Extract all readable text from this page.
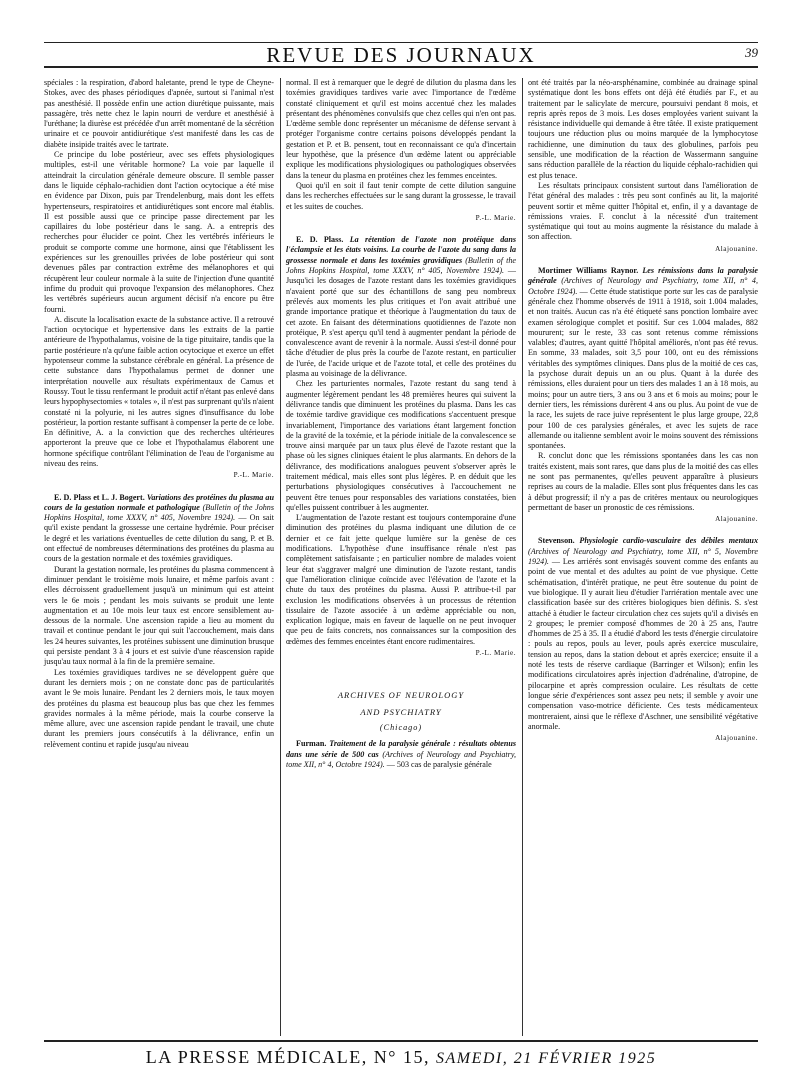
REVUE DES JOURNAUX	39

spéciales : la respiration, d'abord haletante, prend le type de Cheyne-Stokes, avec des phases périodiques d'apnée, surtout si l'animal n'est pas anesthésié. Il possède enfin une action diurétique puissante, mais passagère, très nette chez le lapin nourri de verdure et anesthésié à l'uréthane; la diurèse est précédée d'un arrêt momentané de la sécrétion urinaire et ce pouvoir antidiurétique s'est manifesté dans les cas de diabète insipide traités avec le tartrate.

Ce principe du lobe postérieur, avec ses effets physiologiques multiples, est-il une véritable hormone? La voie par laquelle il atteindrait la circulation générale demeure obscure. Il semble passer dans le liquide céphalo-rachidien dont l'action ocytocique a été mise en évidence par Dixon, puis par Trendelenburg, mais dont les effets hypertenseurs, respiratoires et antidiurétiques sont encore mal établis. Il est possible aussi que ce principe passe directement par les capillaires du lobe postérieur dans le sang. A. a entrepris des recherches pour élucider ce point. Chez les vertébrés inférieurs le produit se comporte comme une hormone, ainsi que l'établissent les expériences sur les grenouilles privées de lobe postérieur qui sont devenues pâles par contraction extrême des mélanophores et qui récupèrent leur couleur normale à la suite de l'injection d'une quantité infime du produit qui provoque l'expansion des mélanophores. Chez les vertébrés supérieurs aucun argument décisif n'a encore pu être fourni.

A. discute la localisation exacte de la substance active. Il a retrouvé l'action ocytocique et hypertensive dans les extraits de la partie antérieure de l'hypothalamus, voisine de la tige pituitaire, tandis que la partie postérieure n'a qu'une faible action ocytocique et exerce un effet hypotenseur comme la substance cérébrale en général. La présence de cette substance dans l'hypothalamus permet de donner une interprétation nouvelle aux résultats expérimentaux de Camus et Roussy. Tout le tissu renfermant le produit actif n'étant pas enlevé dans leurs hypophysectomies « totales », il n'est pas surprenant qu'ils n'aient constaté ni la polyurie, ni les autres signes d'insuffisance du lobe postérieur, la portion restante suffisant à compenser la perte de ce lobe. En définitive, A. a la conviction que des recherches ultérieures apporteront la preuve que ce lobe et l'hypothalamus élaborent une hormone spécifique contrôlant l'élimination de l'eau de l'organisme au niveau des reins.

P.-L. Marie.

E. D. Plass et L. J. Bogert. Variations des protéines du plasma au cours de la gestation normale et pathologique (Bulletin of the Johns Hopkins Hospital, tome XXXV, n° 405, Novembre 1924). — On sait qu'il existe pendant la grossesse une certaine hydrémie. Pour préciser le degré et les variations éventuelles de cette dilution du sang, P. et B. ont effectué de nombreuses déterminations des protéines du plasma au cours de la gestation normale et des toxémies gravidiques.

Durant la gestation normale, les protéines du plasma commencent à diminuer pendant le troisième mois lunaire, et même parfois avant : elles décroissent graduellement jusqu'à un minimum qui est atteint vers le 6e mois ; pendant les mois suivants se produit une lente augmentation et au 10e mois leur taux est encore sensiblement au-dessous de la normale. Une ascension rapide a lieu au moment du travail et continue pendant le jour qui suit l'accouchement, mais dans les 24 heures suivantes, les protéines subissent une diminution brusque qui persiste pendant 3 à 4 jours et est suivie d'une réascension rapide jusqu'au taux normal à la fin de la première semaine.

Les toxémies gravidiques tardives ne se développent guère que durant les derniers mois ; on ne constate donc pas de particularités avant le 9e mois lunaire. Pendant les 2 derniers mois, le taux moyen des protéines du plasma est beaucoup plus bas que chez les femmes gravides normales à la même période, mais la courbe conserve la même allure, avec une ascension rapide pendant le travail, une chute durant les premiers jours consécutifs à la délivrance, enfin un relèvement continu et rapide jusqu'au niveau

normal. Il est à remarquer que le degré de dilution du plasma dans les toxémies gravidiques tardives varie avec l'importance de l'œdème constaté cliniquement et qu'il est moins accentué chez les malades présentant des phénomènes convulsifs que chez celles qui n'en ont pas. L'œdème semble donc représenter un mécanisme de défense servant à protéger l'organisme contre certains poisons développés pendant la gestation et P. et B. pensent, tout en reconnaissant ce qu'a d'incertain leur hypothèse, que la présence d'un œdème latent ou appréciable explique les modifications physiologiques ou pathologiques observées dans la teneur du plasma en protéines chez les femmes enceintes.

Quoi qu'il en soit il faut tenir compte de cette dilution sanguine dans les recherches effectuées sur le sang durant la grossesse, le travail et les suites de couches.

P.-L. Marie.

E. D. Plass. La rétention de l'azote non protéique dans l'éclampsie et les états voisins. La courbe de l'azote du sang dans la grossesse normale et dans les toxémies gravidiques (Bulletin of the Johns Hopkins Hospital, tome XXXV, n° 405, Novembre 1924). — Jusqu'ici les dosages de l'azote restant dans les toxémies gravidiques n'avaient porté que sur des échantillons de sang peu nombreux prélevés aux moments les plus critiques et l'on avait attribué une grande importance pratique et théorique à l'augmentation du taux de cet azote. En faisant des déterminations quotidiennes de l'azote non protéique, P. s'est aperçu qu'il tend à augmenter pendant la période de convalescence avant de revenir à la normale. Aussi s'est-il donné pour tâche d'étudier de plus près la courbe de l'azote restant, en particulier de l'urée, de l'acide urique et de l'azote total, et celle des protéines du plasma au voisinage de la délivrance.

Chez les parturientes normales, l'azote restant du sang tend à augmenter légèrement pendant les 48 premières heures qui suivent la délivrance tandis que diminuent les protéines du plasma. Dans les cas de toxémie tardive gravidique ces modifications s'accentuent presque invariablement, l'importance des variations étant largement fonction de la gravité de la toxémie, et la période initiale de la convalescence se trouve ainsi marquée par un taux plus élevé de l'azote restant que la phase où les signes cliniques étaient le plus alarmants. En dehors de la délivrance, des modifications analogues peuvent s'observer après le traitement médical, mais elles sont plus légères. P. en déduit que les perturbations physiologiques consécutives à l'accouchement ne peuvent être tenues pour responsables des variations constatées, bien qu'elles puissent contribuer à les augmenter.

L'augmentation de l'azote restant est toujours contemporaine d'une diminution des protéines du plasma indiquant une dilution de ce dernier et ce fait jette quelque lumière sur la genèse de ces modifications. L'hypothèse d'une insuffisance rénale n'est pas complètement satisfaisante ; en particulier nombre de malades voient leur état s'aggraver malgré une diminution de l'azote restant, tandis que l'amélioration clinique coïncide avec l'élévation de l'azote et la chute du taux des protéines du plasma. Aussi P. attribue-t-il par exclusion les modifications observées à un processus de rétention tissulaire de l'azote associée à un œdème appréciable ou non, explication logique, mais en faveur de laquelle on ne peut invoquer que peu de faits concrets, nos connaissances sur la composition des œdèmes des femmes enceintes étant encore rudimentaires.

P.-L. Marie.
ARCHIVES OF NEUROLOGY
AND PSYCHIATRY
(Chicago)

Furman. Traitement de la paralysie générale : résultats obtenus dans une série de 500 cas (Archives of Neurology and Psychiatry, tome XII, n° 4, Octobre 1924). — 503 cas de paralysie générale

ont été traités par la néo-arsphénamine, combinée au drainage spinal systématique dont les bons effets ont déjà été étudiés par F., et au traitement par le salicylate de mercure, poursuivi pendant 8 mois, et repris après repos de 3 mois. Les doses employées varient suivant la résistance individuelle qui demande à être tâtée. Il existe pratiquement toujours une réduction plus ou moins marquée de la lymphocytose rachidienne, une diminution du taux des globulines, parfois peu sensible, une modification de la réaction de Wassermann sanguine sans réduction parallèle de la réaction du liquide céphalo-rachidien qui est plus tenace.

Les résultats principaux consistent surtout dans l'amélioration de l'état général des malades : très peu sont confinés au lit, la majorité peuvent sortir et même quitter l'hôpital et, enfin, il y a davantage de rémissions vraies. F. conclut à la nécessité d'un traitement systématique qui tout au moins augmente la résistance du malade à son affection.

Alajouanine.

Mortimer Williams Raynor. Les rémissions dans la paralysie générale (Archives of Neurology and Psychiatry, tome XII, n° 4, Octobre 1924). — Cette étude statistique porte sur les cas de paralysie générale chez l'homme observés de 1911 à 1918, soit 1.004 malades, et non traités. Aucun cas n'a été étiqueté sans ponction lombaire avec examen sérologique complet et positif. Sur ces 1.004 malades, 882 moururent; sur le reste, 33 cas sont retenus comme rémissions valables; d'autres, ayant quitté l'hôpital améliorés, n'ont pas été revus. En somme, 33 malades, soit 3,5 pour 100, ont eu des rémissions véritables des symptômes cliniques. Dans plus de la moitié de ces cas, la psychose durait depuis un an ou plus. Quant à la durée des rémissions, elles duraient pour un tiers des malades 1 an à 18 mois, au moins; pour un autre tiers, 3 ans ou 3 ans et 6 mois au moins; pour le dernier tiers, les rémissions durèrent 4 ans ou plus. Au point de vue de la race, les sujets de race juive représentent le plus large groupe, 22,8 pour 100 de ces paralysies générales, et avec les sujets de race allemande ou italienne semblent avoir le moins souvent des rémissions spontanées.

R. conclut donc que les rémissions spontanées dans les cas non traités existent, mais sont rares, que dans plus de la moitié des cas elles ne sont pas permanentes, qu'elles peuvent apparaître à plusieurs reprises au cours de la maladie. Elles sont plus fréquentes dans les cas à début progressif; il n'y a pas de critères mentaux ou neurologiques permettant de baser un pronostic de ces rémissions.

Alajouanine.

Stevenson. Physiologie cardio-vasculaire des débiles mentaux (Archives of Neurology and Psychiatry, tome XII, n° 5, Novembre 1924). — Les arriérés sont envisagés souvent comme des enfants au point de vue mental et des adultes au point de vue physique. Cette schématisation, d'intérêt pratique, ne peut être soutenue du point de vue biologique. Il y aurait lieu d'étudier l'arriération mentale avec une classification basée sur des critères biologiques bien définis. S. s'est attaché à étudier le facteur circulation chez ces sujets qu'il a divisés en 2 groupes; le premier composé d'hommes de 20 à 25 ans, l'autre d'hommes de 25 à 35. Il a étudié d'abord les tests d'énergie circulatoire : pouls au repos, pouls au lever, pouls après exercice musculaire, tension au repos, dans la station debout et après exercice; ensuite il a noté les tests de réserve cardiaque (Barringer et Wilson); enfin les modifications circulatoires après injection d'adrénaline, d'atropine, de pilocarpine et après compression oculaire. Les résultats de cette longue série d'expériences sont assez peu nets; il semble y avoir une compensation vaso-motrice déficiente. Ces tests médicamenteux montreraient, ainsi que le réflexe d'Aschner, une sensibilité végétative anormale.

Alajouanine.
LA PRESSE MÉDICALE, N° 15, SAMEDI, 21 FÉVRIER 1925
